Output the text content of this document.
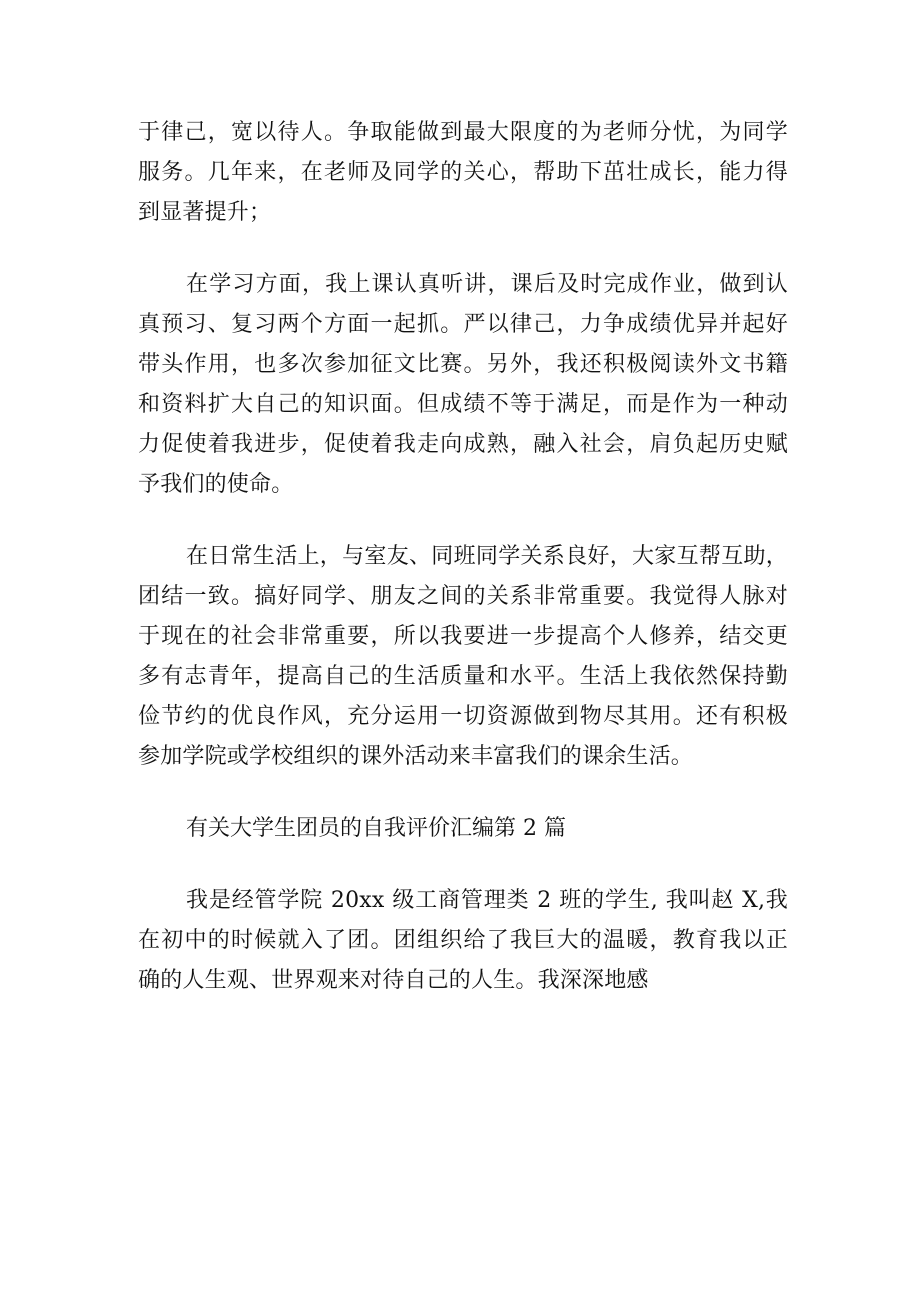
于律己，宽以待人。争取能做到最大限度的为老师分忧，为同学
服务。几年来，在老师及同学的关心，帮助下茁壮成长，能力得
到显著提升；
在学习方面，我上课认真听讲，课后及时完成作业，做到认
真预习、复习两个方面一起抓。严以律己，力争成绩优异并起好
带头作用，也多次参加征文比赛。另外，我还积极阅读外文书籍
和资料扩大自己的知识面。但成绩不等于满足，而是作为一种动
力促使着我进步，促使着我走向成熟，融入社会，肩负起历史赋
予我们的使命。
在日常生活上，与室友、同班同学关系良好，大家互帮互助，
团结一致。搞好同学、朋友之间的关系非常重要。我觉得人脉对
于现在的社会非常重要，所以我要进一步提高个人修养，结交更
多有志青年，提高自己的生活质量和水平。生活上我依然保持勤
俭节约的优良作风，充分运用一切资源做到物尽其用。还有积极
参加学院或学校组织的课外活动来丰富我们的课余生活。
有关大学生团员的自我评价汇编第 2 篇
我是经管学院 20xx 级工商管理类 2 班的学生, 我叫赵 X,我
在初中的时候就入了团。团组织给了我巨大的温暖，教育我以正
确的人生观、世界观来对待自己的人生。我深深地感
